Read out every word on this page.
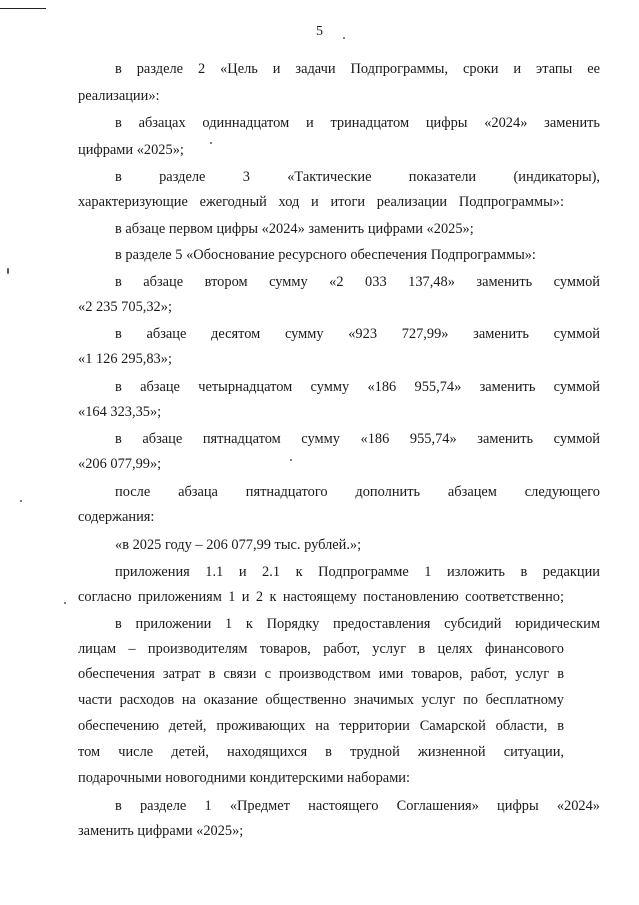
5
в разделе 2 «Цель и задачи Подпрограммы, сроки и этапы ее
реализации»:
в абзацах одиннадцатом и тринадцатом цифры «2024» заменить
цифрами «2025»;
в разделе 3 «Тактические показатели (индикаторы),
характеризующие ежегодный ход и итоги реализации Подпрограммы»:
в абзаце первом цифры «2024» заменить цифрами «2025»;
в разделе 5 «Обоснование ресурсного обеспечения Подпрограммы»:
в абзаце втором сумму «2 033 137,48» заменить суммой
«2 235 705,32»;
в абзаце десятом сумму «923 727,99» заменить суммой
«1 126 295,83»;
в абзаце четырнадцатом сумму «186 955,74» заменить суммой
«164 323,35»;
в абзаце пятнадцатом сумму «186 955,74» заменить суммой
«206 077,99»;
после абзаца пятнадцатого дополнить абзацем следующего
содержания:
«в 2025 году – 206 077,99 тыс. рублей.»;
приложения 1.1 и 2.1 к Подпрограмме 1 изложить в редакции
согласно приложениям 1 и 2 к настоящему постановлению соответственно;
в приложении 1 к Порядку предоставления субсидий юридическим
лицам – производителям товаров, работ, услуг в целях финансового
обеспечения затрат в связи с производством ими товаров, работ, услуг в
части расходов на оказание общественно значимых услуг по бесплатному
обеспечению детей, проживающих на территории Самарской области, в
том числе детей, находящихся в трудной жизненной ситуации,
подарочными новогодними кондитерскими наборами:
в разделе 1 «Предмет настоящего Соглашения» цифры «2024»
заменить цифрами «2025»;
